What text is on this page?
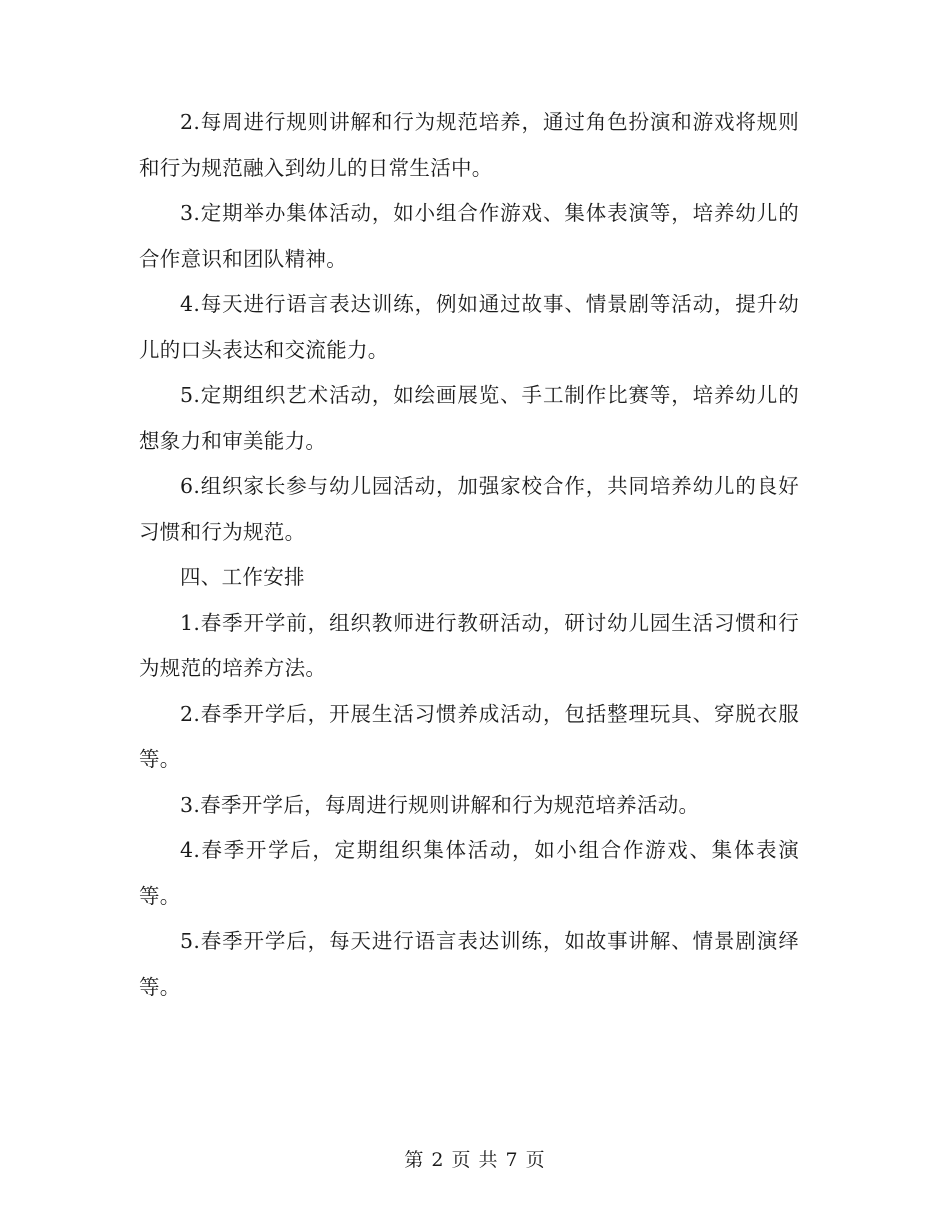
2.每周进行规则讲解和行为规范培养，通过角色扮演和游戏将规则和行为规范融入到幼儿的日常生活中。

3.定期举办集体活动，如小组合作游戏、集体表演等，培养幼儿的合作意识和团队精神。

4.每天进行语言表达训练，例如通过故事、情景剧等活动，提升幼儿的口头表达和交流能力。

5.定期组织艺术活动，如绘画展览、手工制作比赛等，培养幼儿的想象力和审美能力。

6.组织家长参与幼儿园活动，加强家校合作，共同培养幼儿的良好习惯和行为规范。

四、工作安排

1.春季开学前，组织教师进行教研活动，研讨幼儿园生活习惯和行为规范的培养方法。

2.春季开学后，开展生活习惯养成活动，包括整理玩具、穿脱衣服等。

3.春季开学后，每周进行规则讲解和行为规范培养活动。

4.春季开学后，定期组织集体活动，如小组合作游戏、集体表演等。

5.春季开学后，每天进行语言表达训练，如故事讲解、情景剧演绎等。

第 2 页 共 7 页
